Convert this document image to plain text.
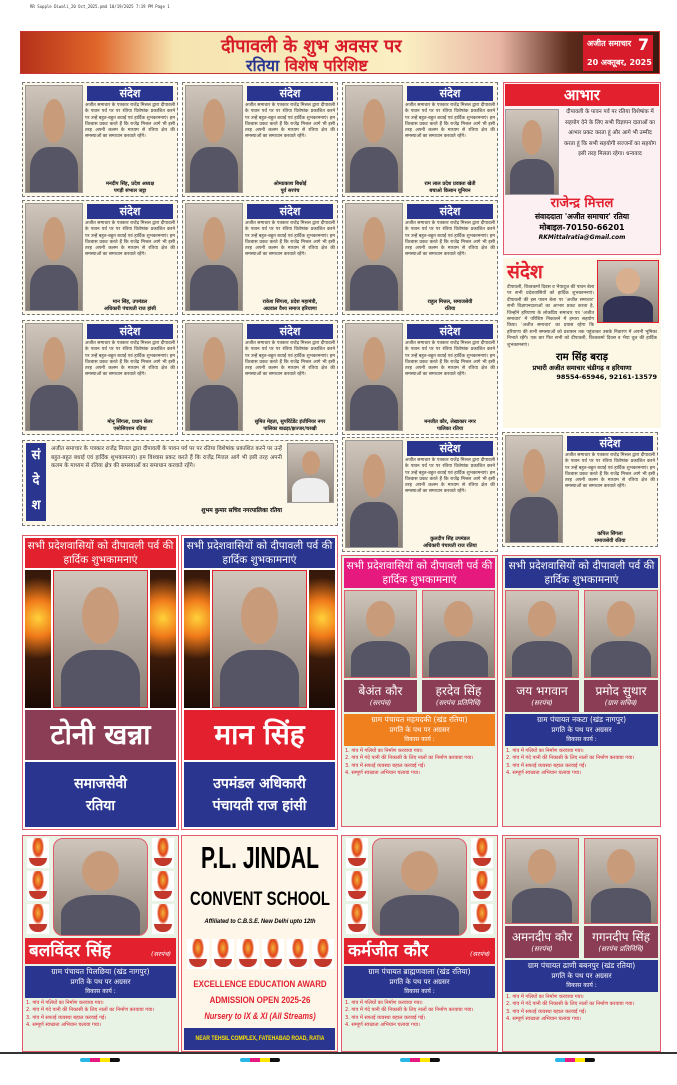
RR Supple Diwali_20 Oct_2025.pmd 10/19/2025 7:19 PM Page 1
दीपावली के शुभ अवसर पर
रतिया विशेष परिशिष्ट
अजीत समाचार 7
20 अक्तूबर, 2025
संदेश
अजीत समाचार के पत्रकार राजेंद्र मित्तल द्वारा दीपावली के पावन पर्व पर पर रतिया विशेषांक प्रकाशित करने पर उन्हें बहुत-बहुत बधाई एवं हार्दिक शुभकामनाएं। हम विश्वास प्रकट करते हैं कि राजेंद्र मित्तल आगे भी इसी तरह अपनी कलम के माध्यम से रतिया क्षेत्र की समस्याओं का समाधान करवाते रहेंगे।
मनदीप सिंह, प्रदेश अध्यक्ष
पगड़ी संभाल जट्टा
संदेश
अजीत समाचार के पत्रकार राजेंद्र मित्तल द्वारा दीपावली के पावन पर्व पर पर रतिया विशेषांक प्रकाशित करने पर उन्हें बहुत-बहुत बधाई एवं हार्दिक शुभकामनाएं। हम विश्वास प्रकट करते हैं कि राजेंद्र मित्तल आगे भी इसी तरह अपनी कलम के माध्यम से रतिया क्षेत्र की समस्याओं का समाधान करवाते रहेंगे।
ओमप्रकाश बिश्नोई
पूर्व सरपंच
संदेश
अजीत समाचार के पत्रकार राजेंद्र मित्तल द्वारा दीपावली के पावन पर्व पर पर रतिया विशेषांक प्रकाशित करने पर उन्हें बहुत-बहुत बधाई एवं हार्दिक शुभकामनाएं। हम विश्वास प्रकट करते हैं कि राजेंद्र मित्तल आगे भी इसी तरह अपनी कलम के माध्यम से रतिया क्षेत्र की समस्याओं का समाधान करवाते रहेंगे।
राम लाल प्रदेश प्रवक्ता खेती
बचाओ किसान यूनियन
संदेश
अजीत समाचार के पत्रकार राजेंद्र मित्तल द्वारा दीपावली के पावन पर्व पर पर रतिया विशेषांक प्रकाशित करने पर उन्हें बहुत-बहुत बधाई एवं हार्दिक शुभकामनाएं। हम विश्वास प्रकट करते हैं कि राजेंद्र मित्तल आगे भी इसी तरह अपनी कलम के माध्यम से रतिया क्षेत्र की समस्याओं का समाधान करवाते रहेंगे।
मान सिंह, उपमंडल
अधिकारी पंचायती राज हांसी
संदेश
अजीत समाचार के पत्रकार राजेंद्र मित्तल द्वारा दीपावली के पावन पर्व पर पर रतिया विशेषांक प्रकाशित करने पर उन्हें बहुत-बहुत बधाई एवं हार्दिक शुभकामनाएं। हम विश्वास प्रकट करते हैं कि राजेंद्र मित्तल आगे भी इसी तरह अपनी कलम के माध्यम से रतिया क्षेत्र की समस्याओं का समाधान करवाते रहेंगे।
राकेश सिंगला, प्रदेश महामंत्री,
अग्रवाल वैश्य समाज हरियाणा
संदेश
अजीत समाचार के पत्रकार राजेंद्र मित्तल द्वारा दीपावली के पावन पर्व पर पर रतिया विशेषांक प्रकाशित करने पर उन्हें बहुत-बहुत बधाई एवं हार्दिक शुभकामनाएं। हम विश्वास प्रकट करते हैं कि राजेंद्र मित्तल आगे भी इसी तरह अपनी कलम के माध्यम से रतिया क्षेत्र की समस्याओं का समाधान करवाते रहेंगे।
राहुल मित्तल, समाजसेवी
रतिया
संदेश
अजीत समाचार के पत्रकार राजेंद्र मित्तल द्वारा दीपावली के पावन पर्व पर पर रतिया विशेषांक प्रकाशित करने पर उन्हें बहुत-बहुत बधाई एवं हार्दिक शुभकामनाएं। हम विश्वास प्रकट करते हैं कि राजेंद्र मित्तल आगे भी इसी तरह अपनी कलम के माध्यम से रतिया क्षेत्र की समस्याओं का समाधान करवाते रहेंगे।
मोनू सिंगला, प्रधान सेलर
एसोसिएशन रतिया
संदेश
अजीत समाचार के पत्रकार राजेंद्र मित्तल द्वारा दीपावली के पावन पर्व पर पर रतिया विशेषांक प्रकाशित करने पर उन्हें बहुत-बहुत बधाई एवं हार्दिक शुभकामनाएं। हम विश्वास प्रकट करते हैं कि राजेंद्र मित्तल आगे भी इसी तरह अपनी कलम के माध्यम से रतिया क्षेत्र की समस्याओं का समाधान करवाते रहेंगे।
सुमित मेहता, सुपरिंटेंडेंट इंजीनियर नगर
पालिका बाढड़ा/झज्जर/चरखी
संदेश
अजीत समाचार के पत्रकार राजेंद्र मित्तल द्वारा दीपावली के पावन पर्व पर पर रतिया विशेषांक प्रकाशित करने पर उन्हें बहुत-बहुत बधाई एवं हार्दिक शुभकामनाएं। हम विश्वास प्रकट करते हैं कि राजेंद्र मित्तल आगे भी इसी तरह अपनी कलम के माध्यम से रतिया क्षेत्र की समस्याओं का समाधान करवाते रहेंगे।
मनजीत कौर, लेखाकार नगर
पालिका रतिया
संदेश
अजीत समाचार के पत्रकार राजेंद्र मित्तल द्वारा दीपावली के पावन पर्व पर पर रतिया विशेषांक प्रकाशित करने पर उन्हें बहुत-बहुत बधाई एवं हार्दिक शुभकामनाएं। हम विश्वास प्रकट करते हैं कि राजेंद्र मित्तल आगे भी इसी तरह अपनी कलम के माध्यम से रतिया क्षेत्र की समस्याओं का समाधान करवाते रहेंगे।
कुलदीप सिंह उपमंडल
अधिकारी पंचायती राज रतिया
संदेश
अजीत समाचार के पत्रकार राजेंद्र मित्तल द्वारा दीपावली के पावन पर्व पर पर रतिया विशेषांक प्रकाशित करने पर उन्हें बहुत-बहुत बधाई एवं हार्दिक शुभकामनाएं। हम विश्वास प्रकट करते हैं कि राजेंद्र मित्तल आगे भी इसी तरह अपनी कलम के माध्यम से रतिया क्षेत्र की समस्याओं का समाधान करवाते रहेंगे।
कपिल सिंगला
समाजसेवी रतिया
सभी प्रदेशवासियों को दीपावली पर्व की हार्दिक शुभकामनाएं
टोनी खन्ना
समाजसेवी
रतिया
सभी प्रदेशवासियों को दीपावली पर्व की हार्दिक शुभकामनाएं
मान सिंह
उपमंडल अधिकारी
पंचायती राज हांसी
सभी प्रदेशवासियों को दीपावली पर्व की हार्दिक शुभकामनाएं
बेअंत कौर
(सरपंच)
हरदेव सिंह
(सरपंच प्रतिनिधि)
ग्राम पंचायत महमदकी (खंड रतिया)
प्रगति के पथ पर अग्रसर
विकास कार्य :
1. गांव में गलियों का निर्माण करवाया गया।
2. गांव में गंदे पानी की निकासी के लिए नालों का निर्माण करवाया गया।
3. गांव में सफाई व्यवस्था बहाल करवाई गई।
4. सम्पूर्ण स्वच्छता अभियान चलाया गया।
सभी प्रदेशवासियों को दीपावली पर्व की हार्दिक शुभकामनाएं
जय भगवान
(सरपंच)
प्रमोद सुथार
(ग्राम सचिव)
ग्राम पंचायत नकटा (खंड नागपुर)
प्रगति के पथ पर अग्रसर
विकास कार्य :
1. गांव में गलियों का निर्माण करवाया गया।
2. गांव में गंदे पानी की निकासी के लिए नालों का निर्माण करवाया गया।
3. गांव में सफाई व्यवस्था बहाल करवाई गई।
4. सम्पूर्ण स्वच्छता अभियान चलाया गया।
बलविंदर सिंह	(सरपंच)
ग्राम पंचायत पिलछिया (खंड नागपुर)
प्रगति के पथ पर अग्रसर
विकास कार्य :
1. गांव में गलियों का निर्माण करवाया गया।
2. गांव में गंदे पानी की निकासी के लिए नालों का निर्माण करवाया गया।
3. गांव में सफाई व्यवस्था बहाल करवाई गई।
4. सम्पूर्ण स्वच्छता अभियान चलाया गया।
कर्मजीत कौर	(सरपंच)
ग्राम पंचायत ब्राह्मणवाला (खंड रतिया)
प्रगति के पथ पर अग्रसर
विकास कार्य :
1. गांव में गलियों का निर्माण करवाया गया।
2. गांव में गंदे पानी की निकासी के लिए नालों का निर्माण करवाया गया।
3. गांव में सफाई व्यवस्था बहाल करवाई गई।
4. सम्पूर्ण स्वच्छता अभियान चलाया गया।
अमनदीप कौर
(सरपंच)
गगनदीप सिंह
(सरपंच प्रतिनिधि)
ग्राम पंचायत ढाणी बबनपुर (खंड रतिया)
प्रगति के पथ पर अग्रसर
विकास कार्य :
1. गांव में गलियों का निर्माण करवाया गया।
2. गांव में गंदे पानी की निकासी के लिए नालों का निर्माण करवाया गया।
3. गांव में सफाई व्यवस्था बहाल करवाई गई।
4. सम्पूर्ण स्वच्छता अभियान चलाया गया।
आभार
दीपावली के पावन पर्व पर रतिया विशेषांक में सहयोग देने के लिए सभी विज्ञापन दाताओं का आभार प्रकट करता हूं और आगे भी उम्मीद करता हूं कि सभी सहयोगी सज्जनों का सहयोग इसी तरह मिलता रहेगा। धन्यवाद
राजेन्द्र मित्तल
संवाददाता 'अजीत समाचार' रतिया
मोबाइल-70150-66201
RKMittalratia@Gmail.com
संदेश
दीपावली, विश्वकर्मा दिवस व भैयादूज की पावन बेला पर सभी प्रदेशवासियों को हार्दिक शुभकामनाएं। दीपावली की इस पावन बेला पर 'अजीत समाचार' सभी विज्ञापनदाताओं का आभार प्रकट करता है, जिन्होंने हरियाणा के लोकप्रिय समाचार पत्र 'अजीत समाचार' में परिशिष्ट निकालने में हमारा सहयोग किया। 'अजीत समाचार' का प्रयास रहेगा कि हरियाणा की सभी समस्याओं को प्रशासन तक पहुंचाकर उसके निवारण में अपनी भूमिका निभाते रहेंगे। एक बार फिर सभी को दीपावली, विश्वकर्मा दिवस व भैया दूज की हार्दिक शुभकामनाएं।
राम सिंह बराड़
प्रभारी अजीत समाचार चंडीगढ़ व हरियाणा
98554-65946, 92161-13579
सं
दे
श
अजीत समाचार के पत्रकार राजेंद्र मित्तल द्वारा दीपावली के पावन पर्व पर पर रतिया विशेषांक प्रकाशित करने पर उन्हें बहुत-बहुत बधाई एवं हार्दिक शुभकामनाएं। हम विश्वास प्रकट करते हैं कि राजेंद्र मित्तल आगे भी इसी तरह अपनी कलम के माध्यम से रतिया क्षेत्र की समस्याओं का समाधान करवाते रहेंगे।
शुभम कुमार सचिव नगरपालिका रतिया
P.L. JINDAL
CONVENT SCHOOL
Affiliated to C.B.S.E. New Delhi upto 12th
EXCELLENCE EDUCATION AWARD
ADMISSION OPEN 2025-26
Nursery to IX & XI (All Streams)
NEAR TEHSIL COMPLEX, FATEHABAD ROAD, RATIA
